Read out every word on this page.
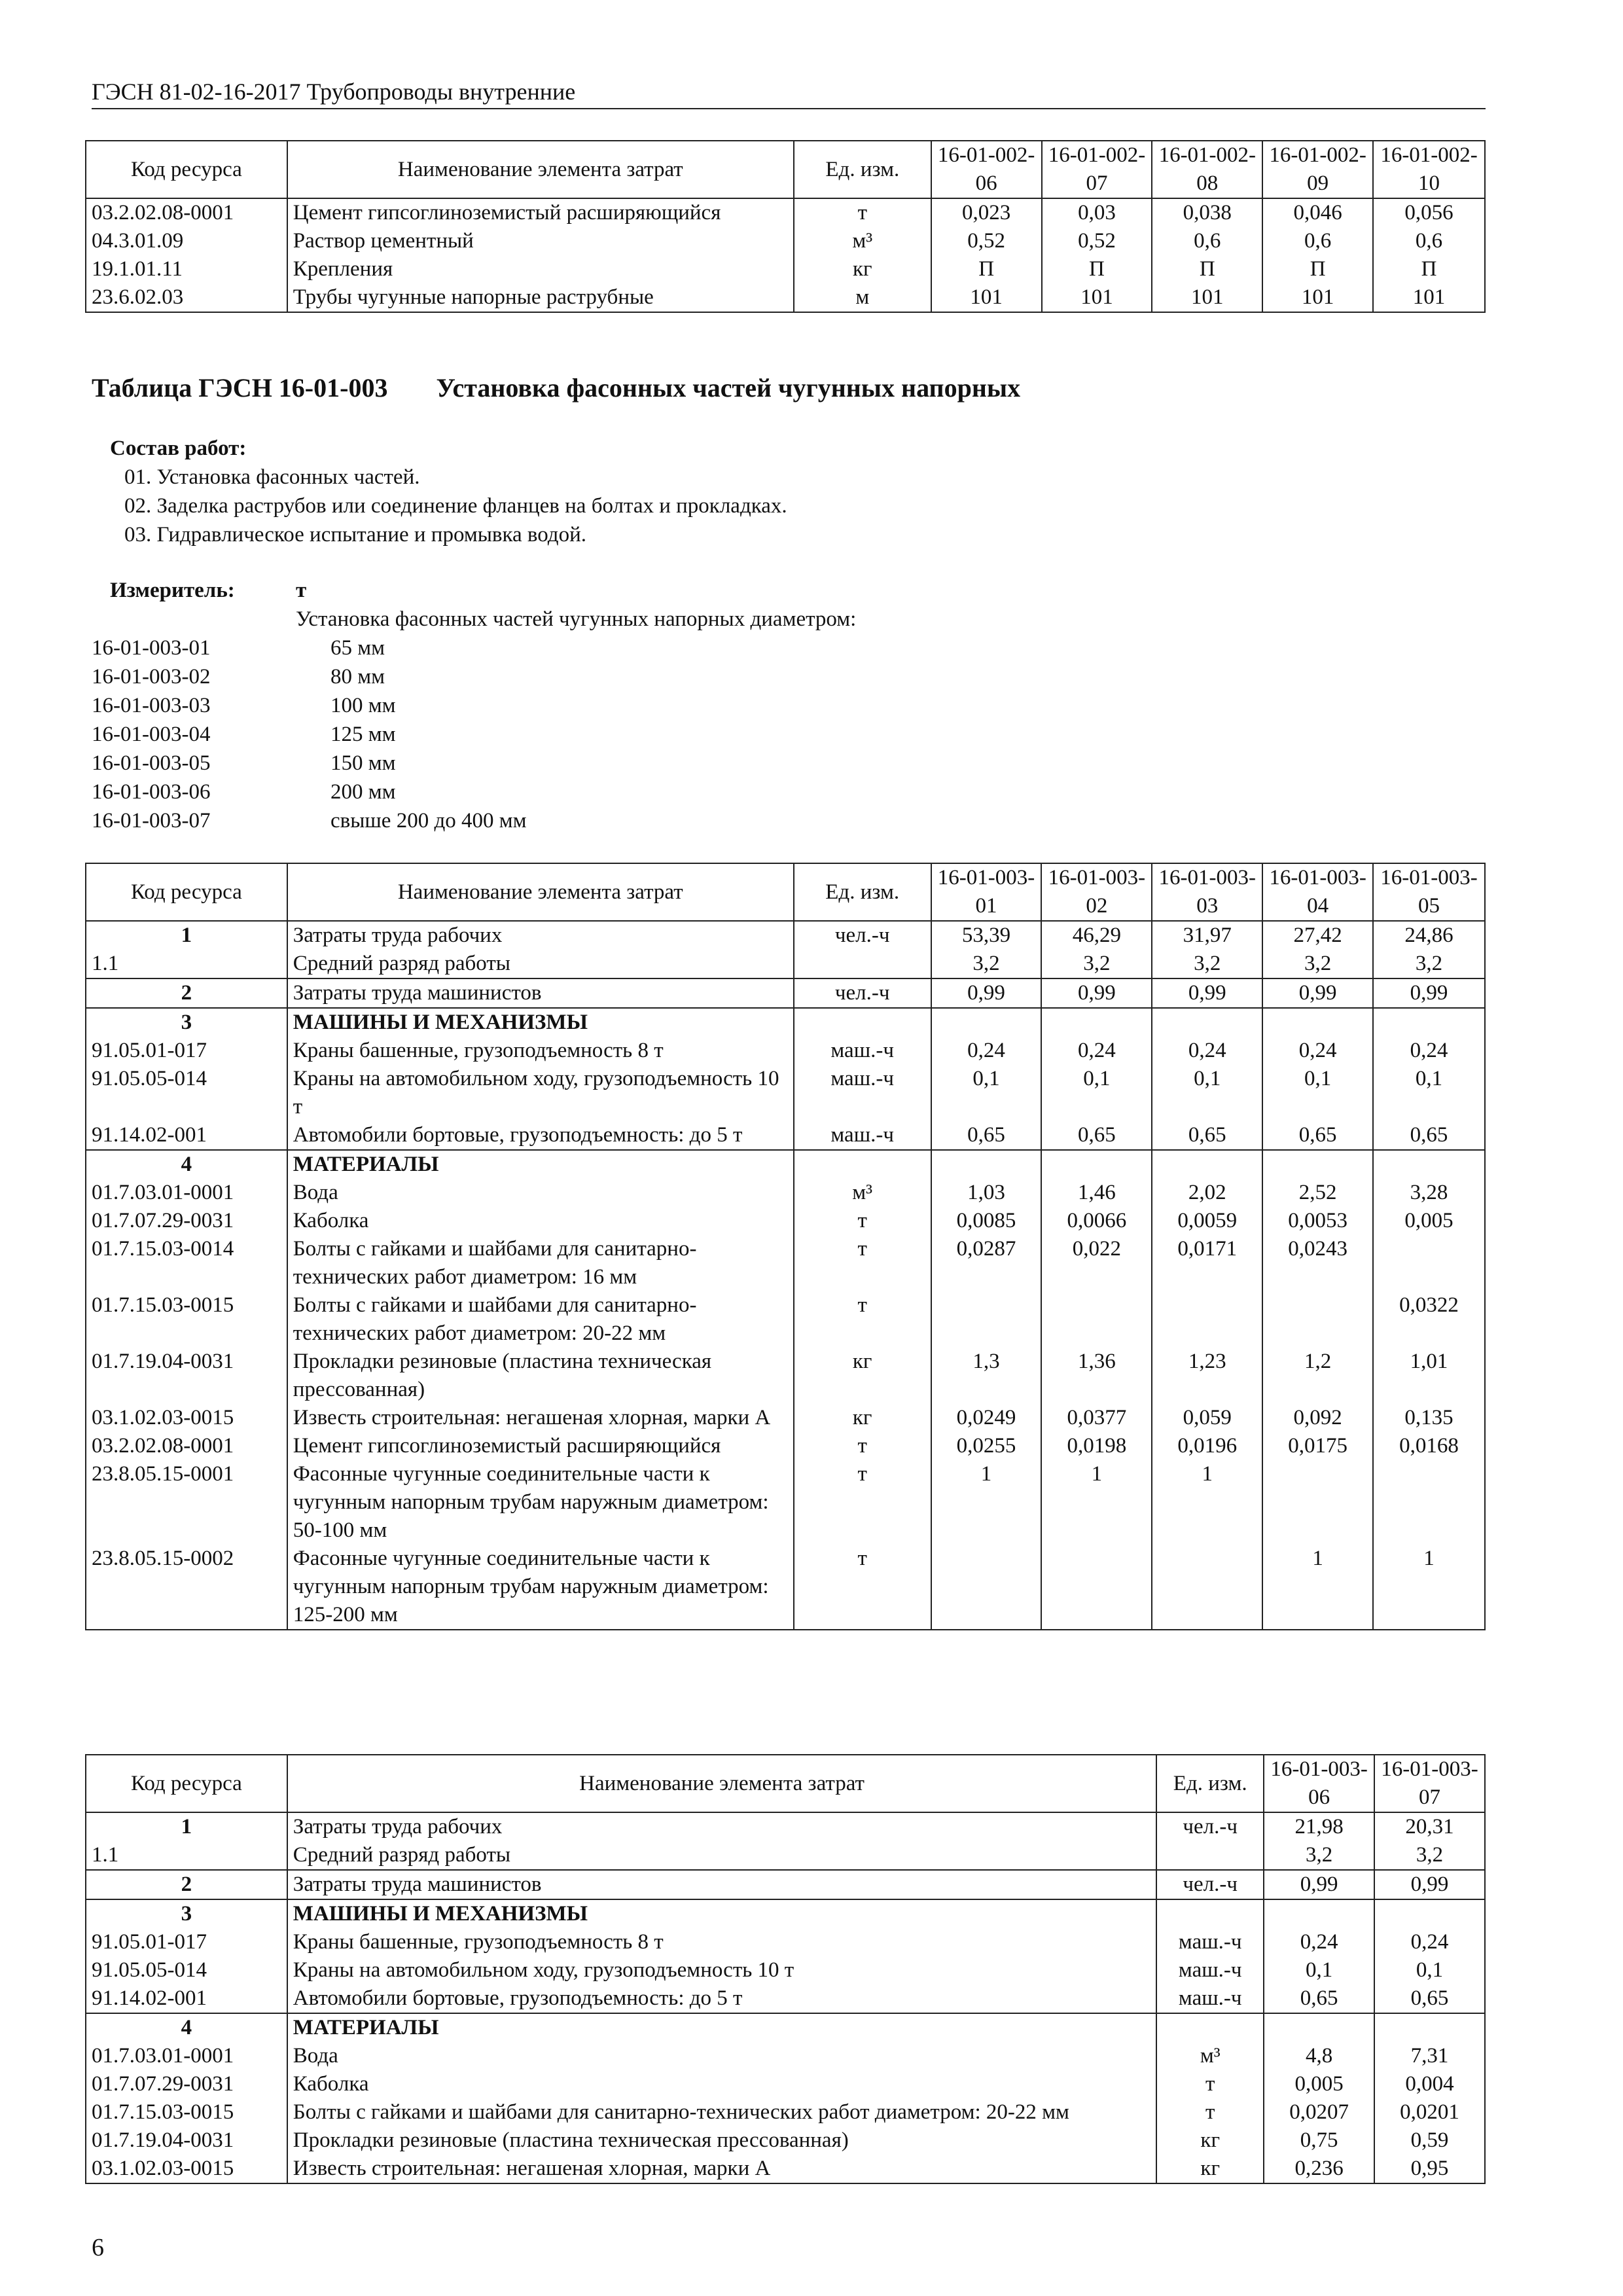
ГЭСН 81-02-16-2017 Трубопроводы внутренние
Код ресурса	Наименование элемента затрат	Ед. изм.	16-01-002-06	16-01-002-07	16-01-002-08	16-01-002-09	16-01-002-10
03.2.02.08-0001	Цемент гипсоглиноземистый расширяющийся	т	0,023	0,03	0,038	0,046	0,056
04.3.01.09	Раствор цементный	м³	0,52	0,52	0,6	0,6	0,6
19.1.01.11	Крепления	кг	П	П	П	П	П
23.6.02.03	Трубы чугунные напорные раструбные	м	101	101	101	101	101
Таблица ГЭСН 16-01-003 Установка фасонных частей чугунных напорных
Состав работ:
01. Установка фасонных частей.
02. Заделка раструбов или соединение фланцев на болтах и прокладках.
03. Гидравлическое испытание и промывка водой.
Измеритель:	т
Установка фасонных частей чугунных напорных диаметром:
16-01-003-01	65 мм
16-01-003-02	80 мм
16-01-003-03	100 мм
16-01-003-04	125 мм
16-01-003-05	150 мм
16-01-003-06	200 мм
16-01-003-07	свыше 200 до 400 мм
Код ресурса	Наименование элемента затрат	Ед. изм.	16-01-003-01	16-01-003-02	16-01-003-03	16-01-003-04	16-01-003-05
1	Затраты труда рабочих	чел.-ч	53,39	46,29	31,97	27,42	24,86
1.1	Средний разряд работы		3,2	3,2	3,2	3,2	3,2
2	Затраты труда машинистов	чел.-ч	0,99	0,99	0,99	0,99	0,99
3	МАШИНЫ И МЕХАНИЗМЫ						
91.05.01-017	Краны башенные, грузоподъемность 8 т	маш.-ч	0,24	0,24	0,24	0,24	0,24
91.05.05-014	Краны на автомобильном ходу, грузоподъемность 10 т	маш.-ч	0,1	0,1	0,1	0,1	0,1
91.14.02-001	Автомобили бортовые, грузоподъемность: до 5 т	маш.-ч	0,65	0,65	0,65	0,65	0,65
4	МАТЕРИАЛЫ						
01.7.03.01-0001	Вода	м³	1,03	1,46	2,02	2,52	3,28
01.7.07.29-0031	Каболка	т	0,0085	0,0066	0,0059	0,0053	0,005
01.7.15.03-0014	Болты с гайками и шайбами для санитарно-технических работ диаметром: 16 мм	т	0,0287	0,022	0,0171	0,0243	
01.7.15.03-0015	Болты с гайками и шайбами для санитарно-технических работ диаметром: 20-22 мм	т					0,0322
01.7.19.04-0031	Прокладки резиновые (пластина техническая прессованная)	кг	1,3	1,36	1,23	1,2	1,01
03.1.02.03-0015	Известь строительная: негашеная хлорная, марки А	кг	0,0249	0,0377	0,059	0,092	0,135
03.2.02.08-0001	Цемент гипсоглиноземистый расширяющийся	т	0,0255	0,0198	0,0196	0,0175	0,0168
23.8.05.15-0001	Фасонные чугунные соединительные части к чугунным напорным трубам наружным диаметром: 50-100 мм	т	1	1	1		
23.8.05.15-0002	Фасонные чугунные соединительные части к чугунным напорным трубам наружным диаметром: 125-200 мм	т				1	1
Код ресурса	Наименование элемента затрат	Ед. изм.	16-01-003-06	16-01-003-07
1	Затраты труда рабочих	чел.-ч	21,98	20,31
1.1	Средний разряд работы		3,2	3,2
2	Затраты труда машинистов	чел.-ч	0,99	0,99
3	МАШИНЫ И МЕХАНИЗМЫ			
91.05.01-017	Краны башенные, грузоподъемность 8 т	маш.-ч	0,24	0,24
91.05.05-014	Краны на автомобильном ходу, грузоподъемность 10 т	маш.-ч	0,1	0,1
91.14.02-001	Автомобили бортовые, грузоподъемность: до 5 т	маш.-ч	0,65	0,65
4	МАТЕРИАЛЫ			
01.7.03.01-0001	Вода	м³	4,8	7,31
01.7.07.29-0031	Каболка	т	0,005	0,004
01.7.15.03-0015	Болты с гайками и шайбами для санитарно-технических работ диаметром: 20-22 мм	т	0,0207	0,0201
01.7.19.04-0031	Прокладки резиновые (пластина техническая прессованная)	кг	0,75	0,59
03.1.02.03-0015	Известь строительная: негашеная хлорная, марки А	кг	0,236	0,95
6
